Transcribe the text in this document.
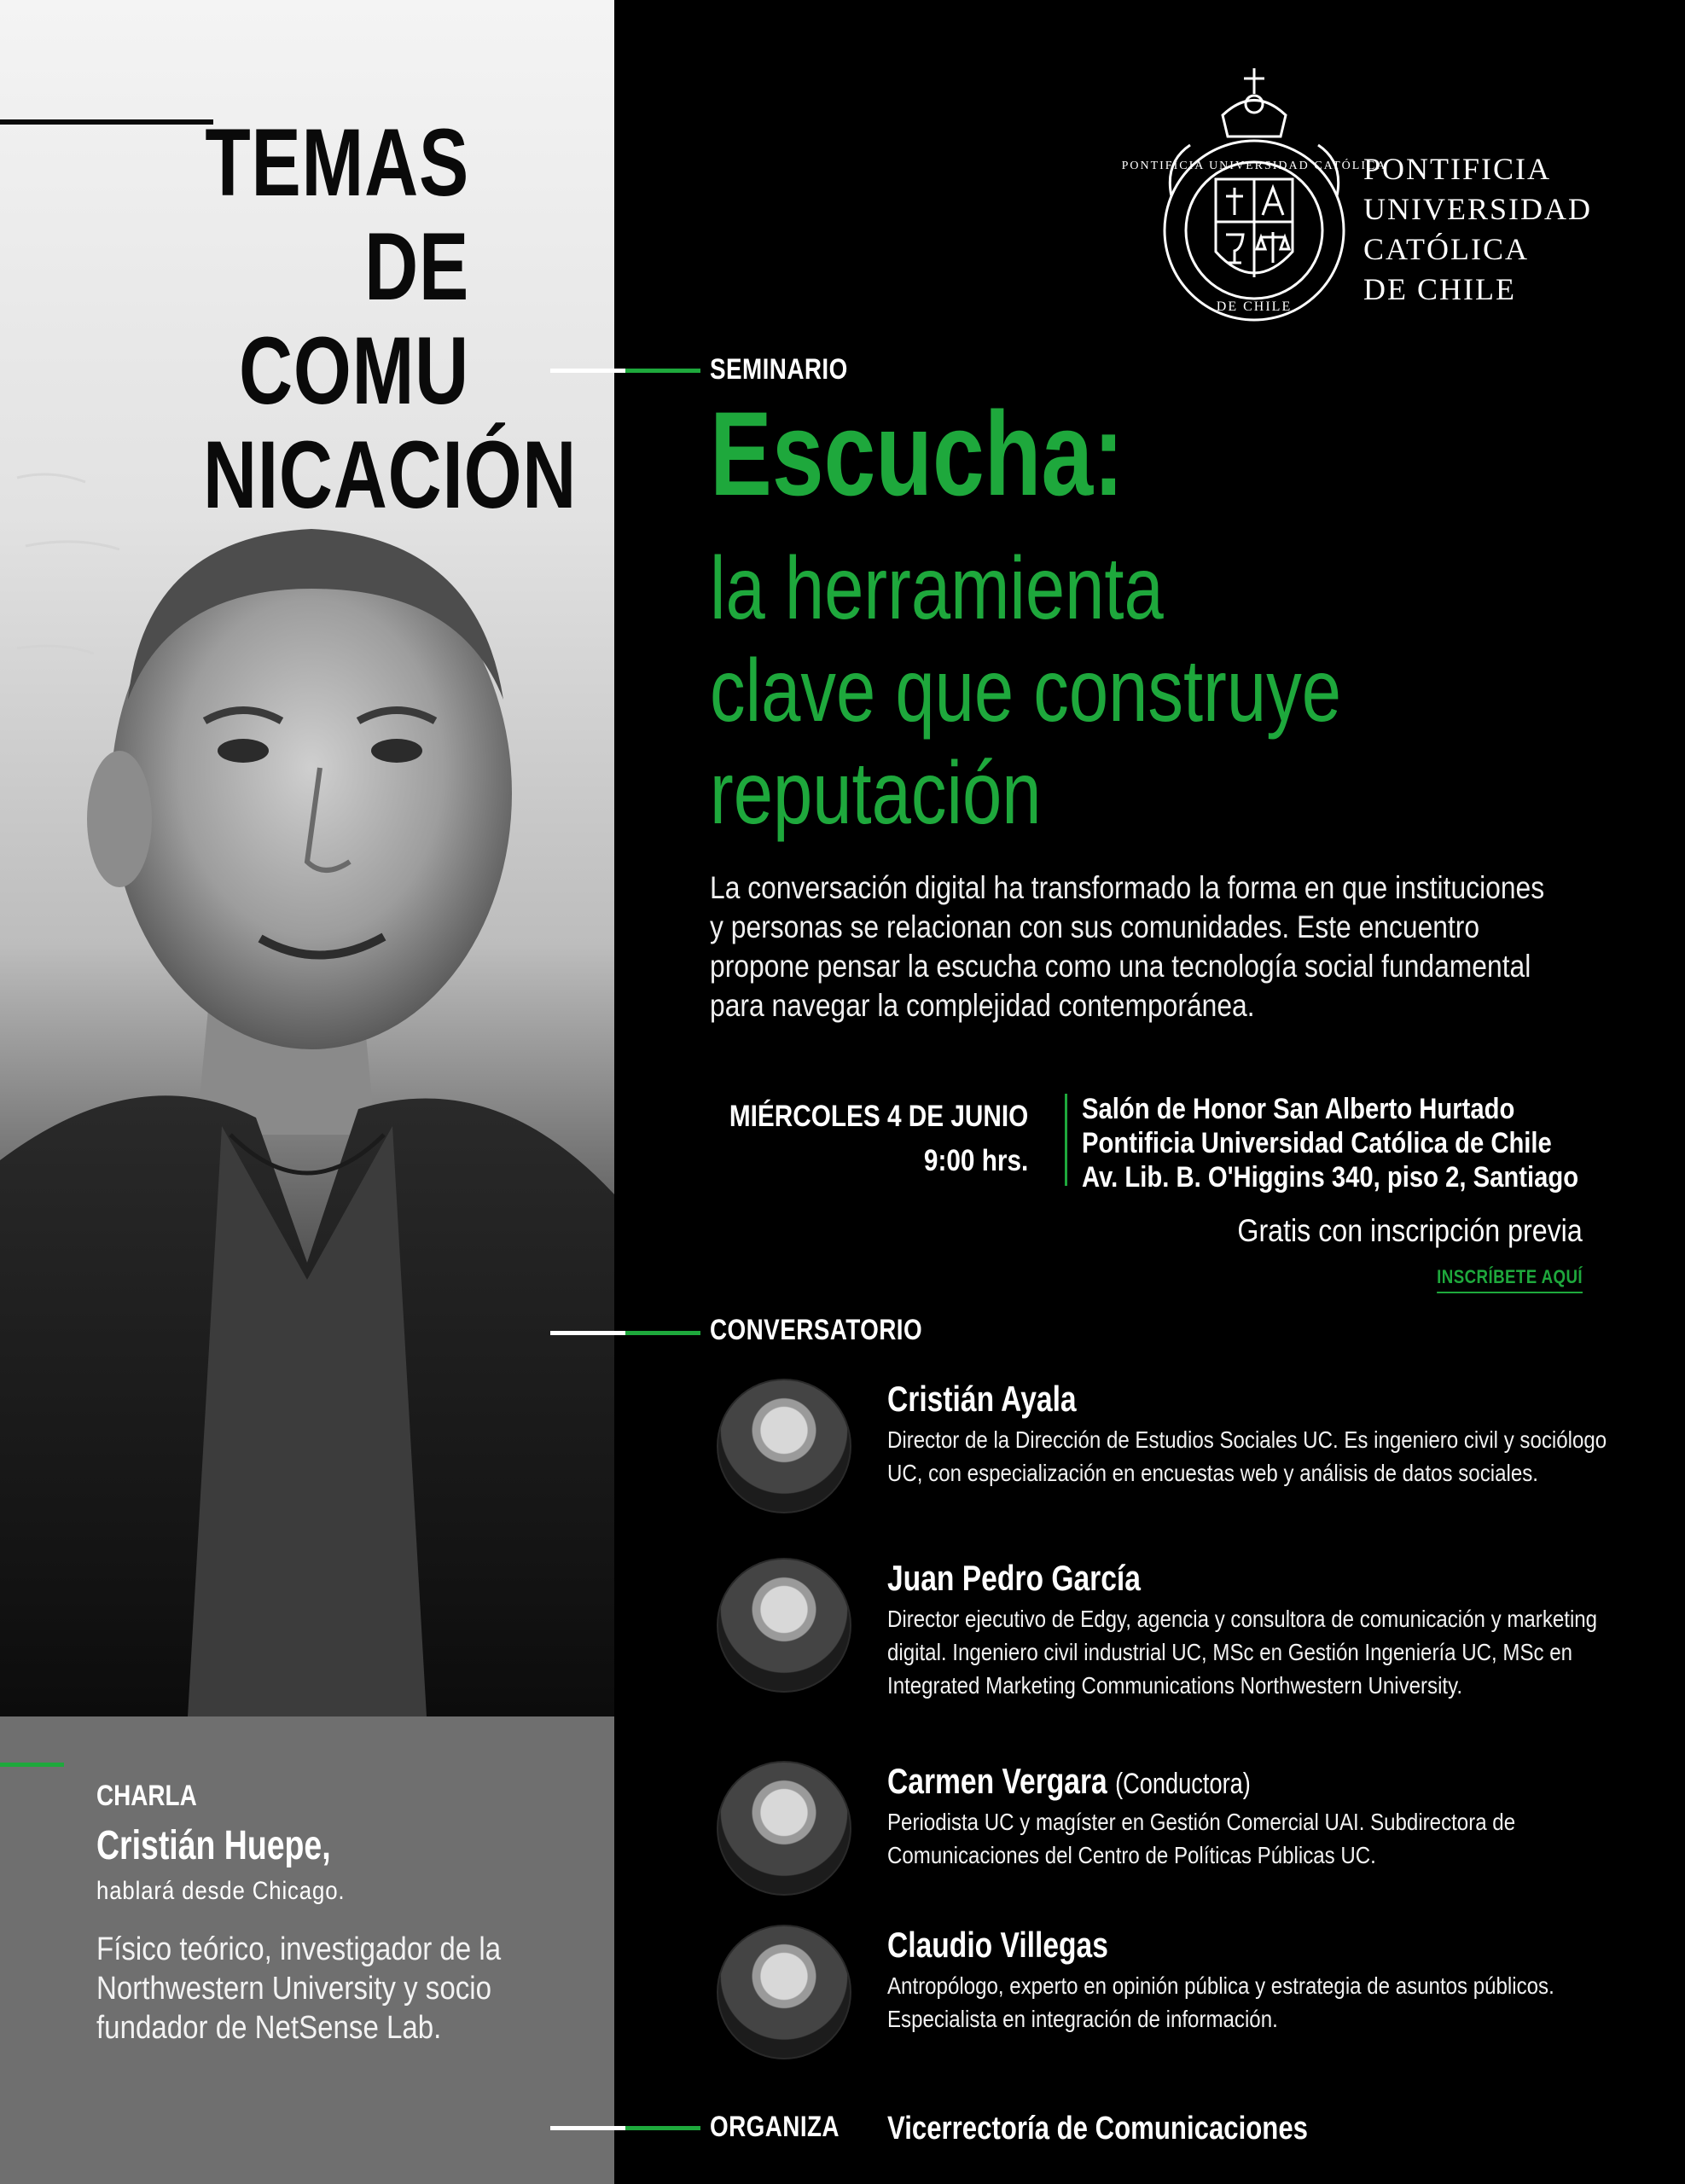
TEMAS
DE COMU
NICACIÓN
CHARLA
Cristián Huepe,
hablará desde Chicago.
Físico teórico, investigador de la Northwestern University y socio fundador de NetSense Lab.
PONTIFICIA UNIVERSIDAD CATÓLICA
DE CHILE
PONTIFICIA
UNIVERSIDAD
CATÓLICA
DE CHILE
SEMINARIO
Escucha:
la herramienta
clave que construye
reputación
La conversación digital ha transformado la forma en que instituciones y personas se relacionan con sus comunidades. Este encuentro propone pensar la escucha como una tecnología social fundamental para navegar la complejidad contemporánea.
MIÉRCOLES 4 DE JUNIO
9:00 hrs.
Salón de Honor San Alberto Hurtado
Pontificia Universidad Católica de Chile
Av. Lib. B. O'Higgins 340, piso 2, Santiago
Gratis con inscripción previa
INSCRÍBETE AQUÍ
CONVERSATORIO
Cristián Ayala
Director de la Dirección de Estudios Sociales UC. Es ingeniero civil y sociólogo UC, con especialización en encuestas web y análisis de datos sociales.
Juan Pedro García
Director ejecutivo de Edgy, agencia y consultora de comunicación y marketing digital. Ingeniero civil industrial UC, MSc en Gestión Ingeniería UC, MSc en Integrated Marketing Communications Northwestern University.
Carmen Vergara (Conductora)
Periodista UC y magíster en Gestión Comercial UAI. Subdirectora de Comunicaciones del Centro de Políticas Públicas UC.
Claudio Villegas
Antropólogo, experto en opinión pública y estrategia de asuntos públicos. Especialista en integración de información.
ORGANIZA Vicerrectoría de Comunicaciones
